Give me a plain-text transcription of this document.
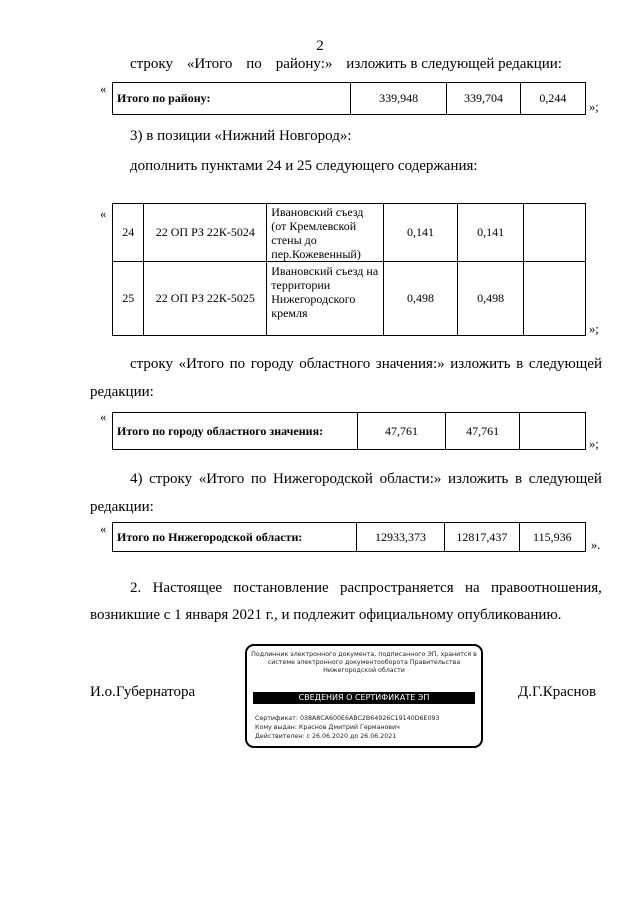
2
строку «Итого по району:» изложить в следующей редакции:
«
Итого по району:	339,948	339,704	0,244
»;
3) в позиции «Нижний Новгород»:
дополнить пунктами 24 и 25 следующего содержания:
«
24	22 ОП РЗ 22К-5024	Ивановский съезд (от Кремлевской стены до пер.Кожевенный)	0,141	0,141	
25	22 ОП РЗ 22К-5025	Ивановский съезд на территории Нижегородского кремля	0,498	0,498	
»;
строку «Итого по городу областного значения:» изложить в следующей
редакции:
«
Итого по городу областного значения:	47,761	47,761	
»;
4) строку «Итого по Нижегородской области:» изложить в следующей
редакции:
«
Итого по Нижегородской области:	12933,373	12817,437	115,936
».
2. Настоящее постановление распространяется на правоотношения,
возникшие с 1 января 2021 г., и подлежит официальному опубликованию.
И.о.Губернатора	Д.Г.Краснов
Подлинник электронного документа, подписанного ЭП, хранится в системе электронного документооборота Правительства Нижегородской области
СВЕДЕНИЯ О СЕРТИФИКАТЕ ЭП
Сертификат: 038A8CA600E6ABC2B64926C19140D6E093
Кому выдан: Краснов Дмитрий Германович
Действителен: с 26.06.2020 до 26.06.2021
